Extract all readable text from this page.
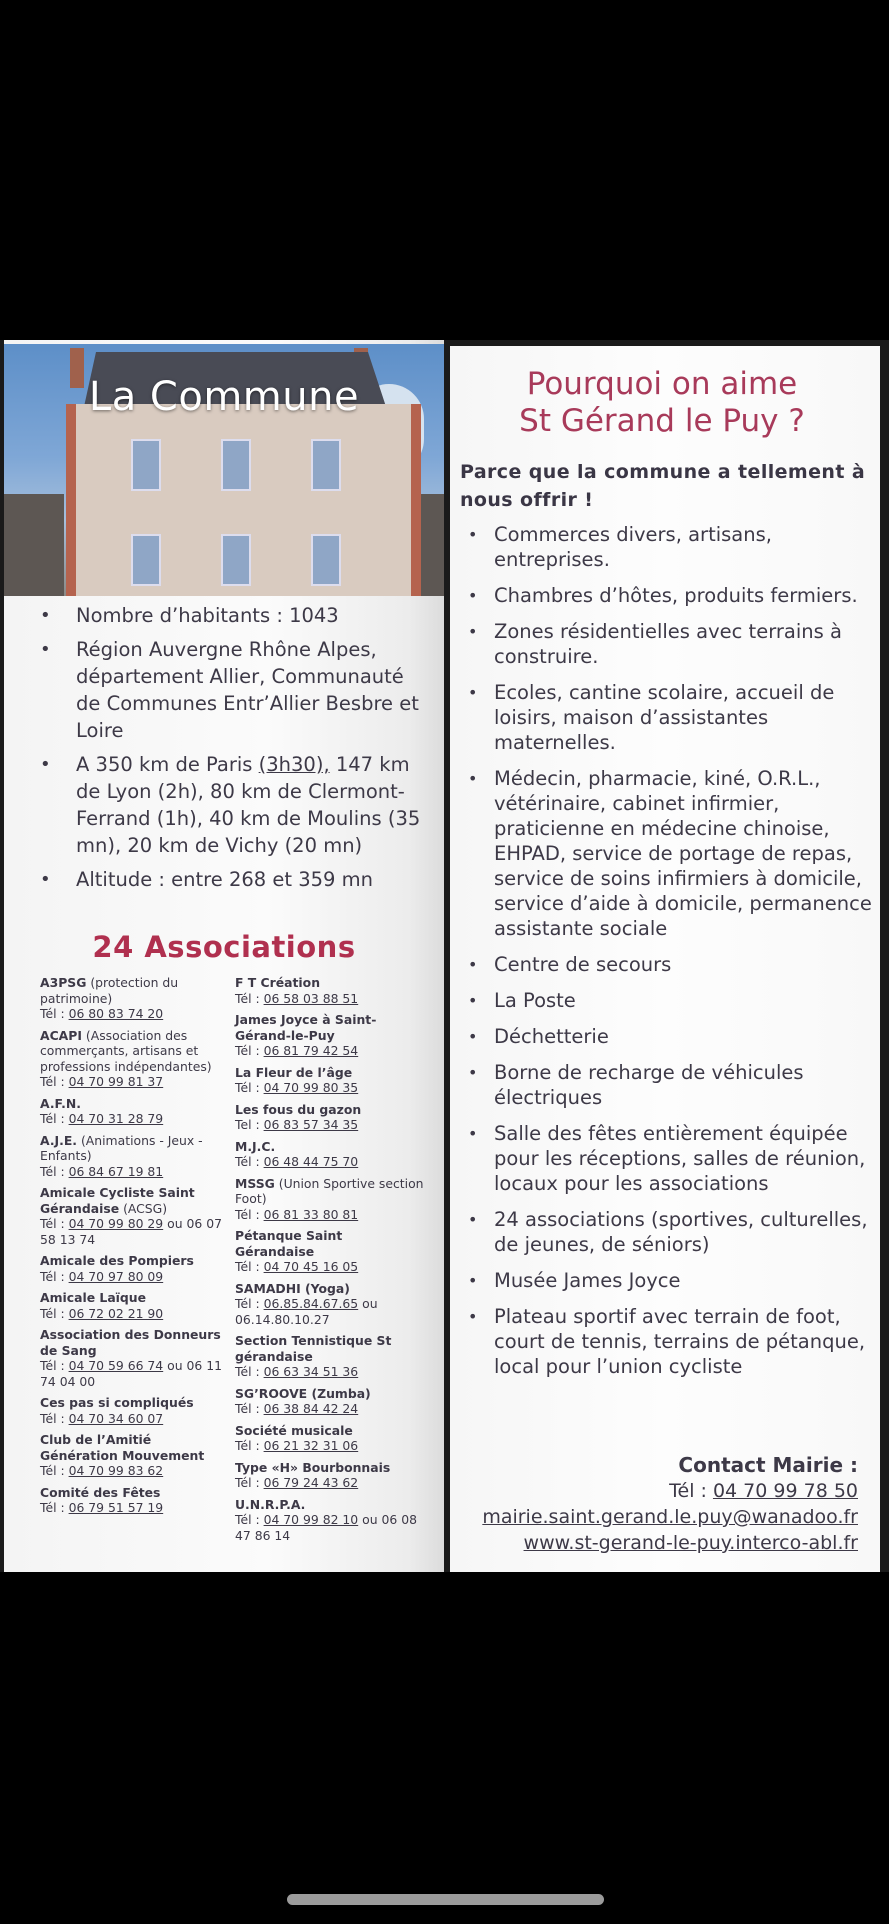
La Commune
• Nombre d’habitants : 1043
• Région Auvergne Rhône Alpes, département Allier, Communauté de Communes Entr’Allier Besbre et Loire
• A 350 km de Paris (3h30), 147 km de Lyon (2h), 80 km de Clermont-Ferrand (1h), 40 km de Moulins (35 mn), 20 km de Vichy (20 mn)
• Altitude : entre 268 et 359 mn
24 Associations
A3PSG (protection du patrimoine)
Tél : 06 80 83 74 20
ACAPI (Association des commerçants, artisans et professions indépendantes)
Tél : 04 70 99 81 37
A.F.N.
Tél : 04 70 31 28 79
A.J.E. (Animations - Jeux - Enfants)
Tél : 06 84 67 19 81
Amicale Cycliste Saint Gérandaise (ACSG)
Tél : 04 70 99 80 29 ou 06 07 58 13 74
Amicale des Pompiers
Tél : 04 70 97 80 09
Amicale Laïque
Tél : 06 72 02 21 90
Association des Donneurs de Sang
Tél : 04 70 59 66 74 ou 06 11 74 04 00
Ces pas si compliqués
Tél : 04 70 34 60 07
Club de l’Amitié Génération Mouvement
Tél : 04 70 99 83 62
Comité des Fêtes
Tél : 06 79 51 57 19
F T Création
Tél : 06 58 03 88 51
James Joyce à Saint-Gérand-le-Puy
Tél : 06 81 79 42 54
La Fleur de l’âge
Tél : 04 70 99 80 35
Les fous du gazon
Tel : 06 83 57 34 35
M.J.C.
Tél : 06 48 44 75 70
MSSG (Union Sportive section Foot)
Tél : 06 81 33 80 81
Pétanque Saint Gérandaise
Tél : 04 70 45 16 05
SAMADHI (Yoga)
Tél : 06.85.84.67.65 ou 06.14.80.10.27
Section Tennistique St gérandaise
Tél : 06 63 34 51 36
SG’ROOVE (Zumba)
Tél : 06 38 84 42 24
Société musicale
Tél : 06 21 32 31 06
Type «H» Bourbonnais
Tél : 06 79 24 43 62
U.N.R.P.A.
Tél : 04 70 99 82 10 ou 06 08 47 86 14
Pourquoi on aime
St Gérand le Puy ?
Parce que la commune a tellement à nous offrir !
• Commerces divers, artisans, entreprises.
• Chambres d’hôtes, produits fermiers.
• Zones résidentielles avec terrains à construire.
• Ecoles, cantine scolaire, accueil de loisirs, maison d’assistantes maternelles.
• Médecin, pharmacie, kiné, O.R.L., vétérinaire, cabinet infirmier, praticienne en médecine chinoise, EHPAD, service de portage de repas, service de soins infirmiers à domicile, service d’aide à domicile, permanence assistante sociale
• Centre de secours
• La Poste
• Déchetterie
• Borne de recharge de véhicules électriques
• Salle des fêtes entièrement équipée pour les réceptions, salles de réunion, locaux pour les associations
• 24 associations (sportives, culturelles, de jeunes, de séniors)
• Musée James Joyce
• Plateau sportif avec terrain de foot, court de tennis, terrains de pétanque, local pour l’union cycliste
Contact Mairie :
Tél : 04 70 99 78 50
mairie.saint.gerand.le.puy@wanadoo.fr
www.st-gerand-le-puy.interco-abl.fr
